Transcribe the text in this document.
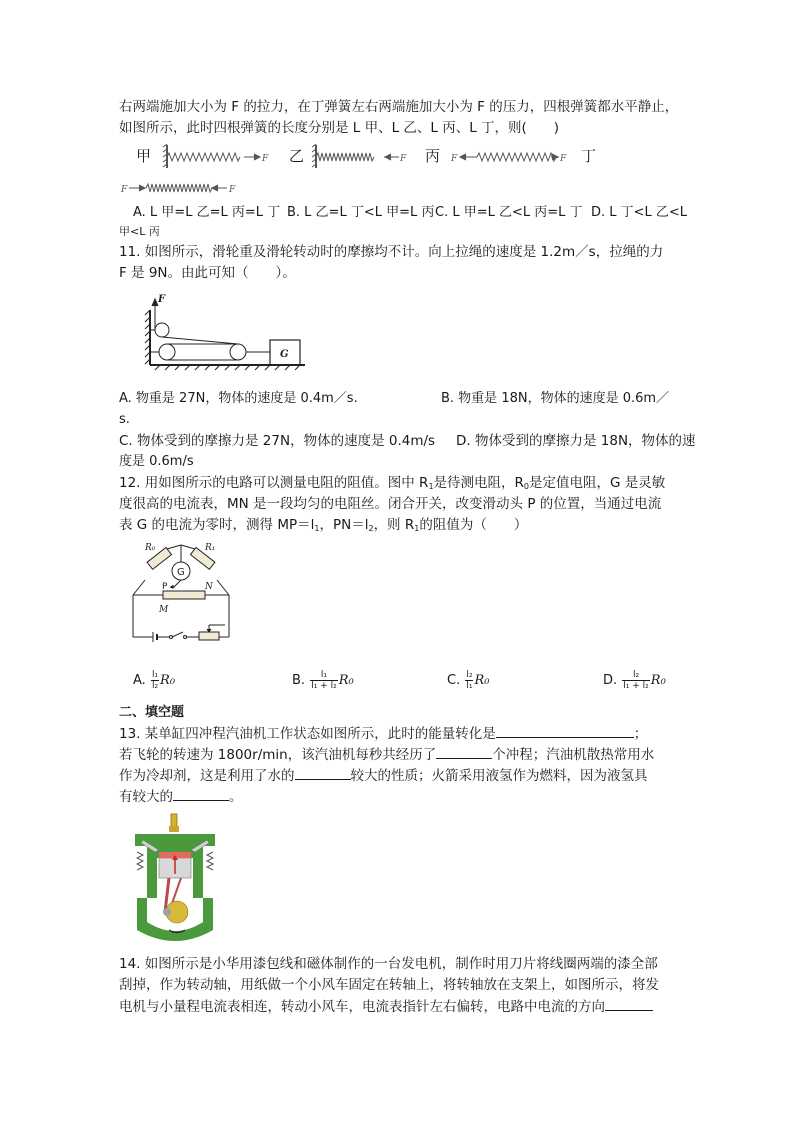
右两端施加大小为 F 的拉力，在丁弹簧左右两端施加大小为 F 的压力，四根弹簧都水平静止，
如图所示，此时四根弹簧的长度分别是 L 甲、L 乙、L 丙、L 丁，则(　　)
甲	乙	丙	丁
F
F	F	F
F	F
A. L 甲=L 乙=L 丙=L 丁 B. L 乙=L 丁<L 甲=L 丙 C. L 甲=L 乙<L 丙=L 丁 D. L 丁<L 乙<L
甲<L 丙
11. 如图所示，滑轮重及滑轮转动时的摩擦均不计。向上拉绳的速度是 1.2m／s，拉绳的力
F 是 9N。由此可知（　　）。
F
G
A. 物重是 27N，物体的速度是 0.4m／s.	B. 物重是 18N，物体的速度是 0.6m／
s.
C. 物体受到的摩擦力是 27N，物体的速度是 0.4m/s D. 物体受到的摩擦力是 18N，物体的速
度是 0.6m/s
12. 用如图所示的电路可以测量电阻的阻值。图中 $R_1$是待测电阻，$R_0$是定值电阻，G 是灵敏
度很高的电流表，MN 是一段均匀的电阻丝。闭合开关，改变滑动头 P 的位置，当通过电流
表 G 的电流为零时，测得 $MP=l_1$，$PN=l_2$，则 $R_1$的阻值为（　　）
R₀	R₁
G
P	N
M
A. $\frac{\text{l₁}}{\text{l₂}} R_0$	B. $\frac{\text{l₁}}{\text{l₁ + l₂}} R_0$	C. $\frac{\text{l₂}}{\text{l₁}} R_0$	D. $\frac{\text{l₂}}{\text{l₁ + l₂}} R_0$
二、填空题
13. 某单缸四冲程汽油机工作状态如图所示，此时的能量转化是	；
若飞轮的转速为 1800r/min，该汽油机每秒共经历了	个冲程；汽油机散热常用水
作为冷却剂，这是利用了水的	较大的性质；火箭采用液氢作为燃料，因为液氢具
有较大的	。
14. 如图所示是小华用漆包线和磁体制作的一台发电机，制作时用刀片将线圈两端的漆全部
刮掉，作为转动轴，用纸做一个小风车固定在转轴上，将转轴放在支架上，如图所示，将发
电机与小量程电流表相连，转动小风车，电流表指针左右偏转，电路中电流的方向
